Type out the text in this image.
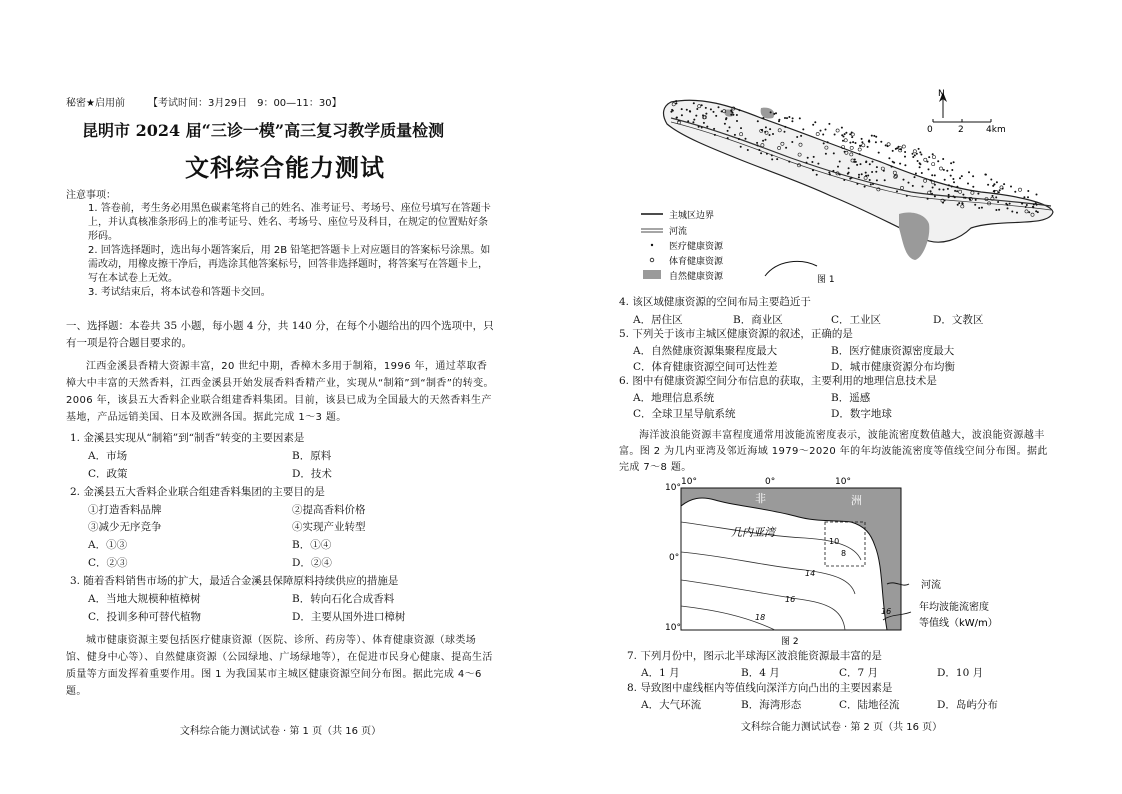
秘密★启用前 【考试时间：3月29日　9：00—11：30】
昆明市 2024 届“三诊一模”高三复习教学质量检测
文科综合能力测试
注意事项：
1. 答卷前，考生务必用黑色碳素笔将自己的姓名、准考证号、考场号、座位号填写在答题卡上，并认真核准条形码上的准考证号、姓名、考场号、座位号及科目，在规定的位置贴好条形码。
2. 回答选择题时，选出每小题答案后，用 2B 铅笔把答题卡上对应题目的答案标号涂黑。如需改动，用橡皮擦干净后，再选涂其他答案标号，回答非选择题时，将答案写在答题卡上，写在本试卷上无效。
3. 考试结束后，将本试卷和答题卡交回。
一、选择题：本卷共 35 小题，每小题 4 分，共 140 分，在每个小题给出的四个选项中，只有一项是符合题目要求的。
江西金溪县香精大资源丰富，20 世纪中期，香樟木多用于制箱，1996 年，通过萃取香樟大中丰富的天然香料，江西金溪县开始发展香料香精产业，实现从“制箱”到“制香”的转变。2006 年，该县五大香料企业联合组建香料集团。目前，该县已成为全国最大的天然香料生产基地，产品远销美国、日本及欧洲各国。据此完成 1～3 题。
1. 金溪县实现从“制箱”到“制香”转变的主要因素是
A．市场	B．原料
C．政策	D．技术
2. 金溪县五大香料企业联合组建香料集团的主要目的是
①打造香料品牌	②提高香料价格
③减少无序竞争	④实现产业转型
A．①③	B．①④
C．②③	D．②④
3. 随着香料销售市场的扩大，最适合金溪县保障原料持续供应的措施是
A．当地大规模种植樟树	B．转向石化合成香料
C．投训多种可替代植物	D．主要从国外进口樟树
城市健康资源主要包括医疗健康资源（医院、诊所、药房等）、体育健康资源（球类场馆、健身中心等）、自然健康资源（公园绿地、广场绿地等），在促进市民身心健康、提高生活质量等方面发挥着重要作用。图 1 为我国某市主城区健康资源空间分布图。据此完成 4～6 题。
文科综合能力测试试卷 · 第 1 页（共 16 页）
N
0	2 4km
主城区边界
河流
医疗健康资源
体育健康资源
自然健康资源	图 1
4. 该区域健康资源的空间布局主要趋近于
A．居住区	B．商业区	C．工业区	D．文教区
5. 下列关于该市主城区健康资源的叙述，正确的是
A．自然健康资源集聚程度最大	B．医疗健康资源密度最大
C．体育健康资源空间可达性差	D．城市健康资源分布均衡
6. 图中有健康资源空间分布信息的获取，主要利用的地理信息技术是
A．地理信息系统	B．遥感
C．全球卫星导航系统	D．数字地球
海洋波浪能资源丰富程度通常用波能流密度表示，波能流密度数值越大，波浪能资源越丰富。图 2 为几内亚湾及邻近海域 1979～2020 年的年均波能流密度等值线空间分布图。据此完成 7～8 题。
10°
0°
10°
10°	0°	10°
非	洲
几内亚湾
10
8
14
16
18
河流
16	年均波能流密度
等值线（kW/m）
图 2
7. 下列月份中，图示北半球海区波浪能资源最丰富的是
A．1 月	B．4 月	C．7 月	D．10 月
8. 导致图中虚线框内等值线向深洋方向凸出的主要因素是
A．大气环流	B．海湾形态	C．陆地径流	D．岛屿分布
文科综合能力测试试卷 · 第 2 页（共 16 页）
